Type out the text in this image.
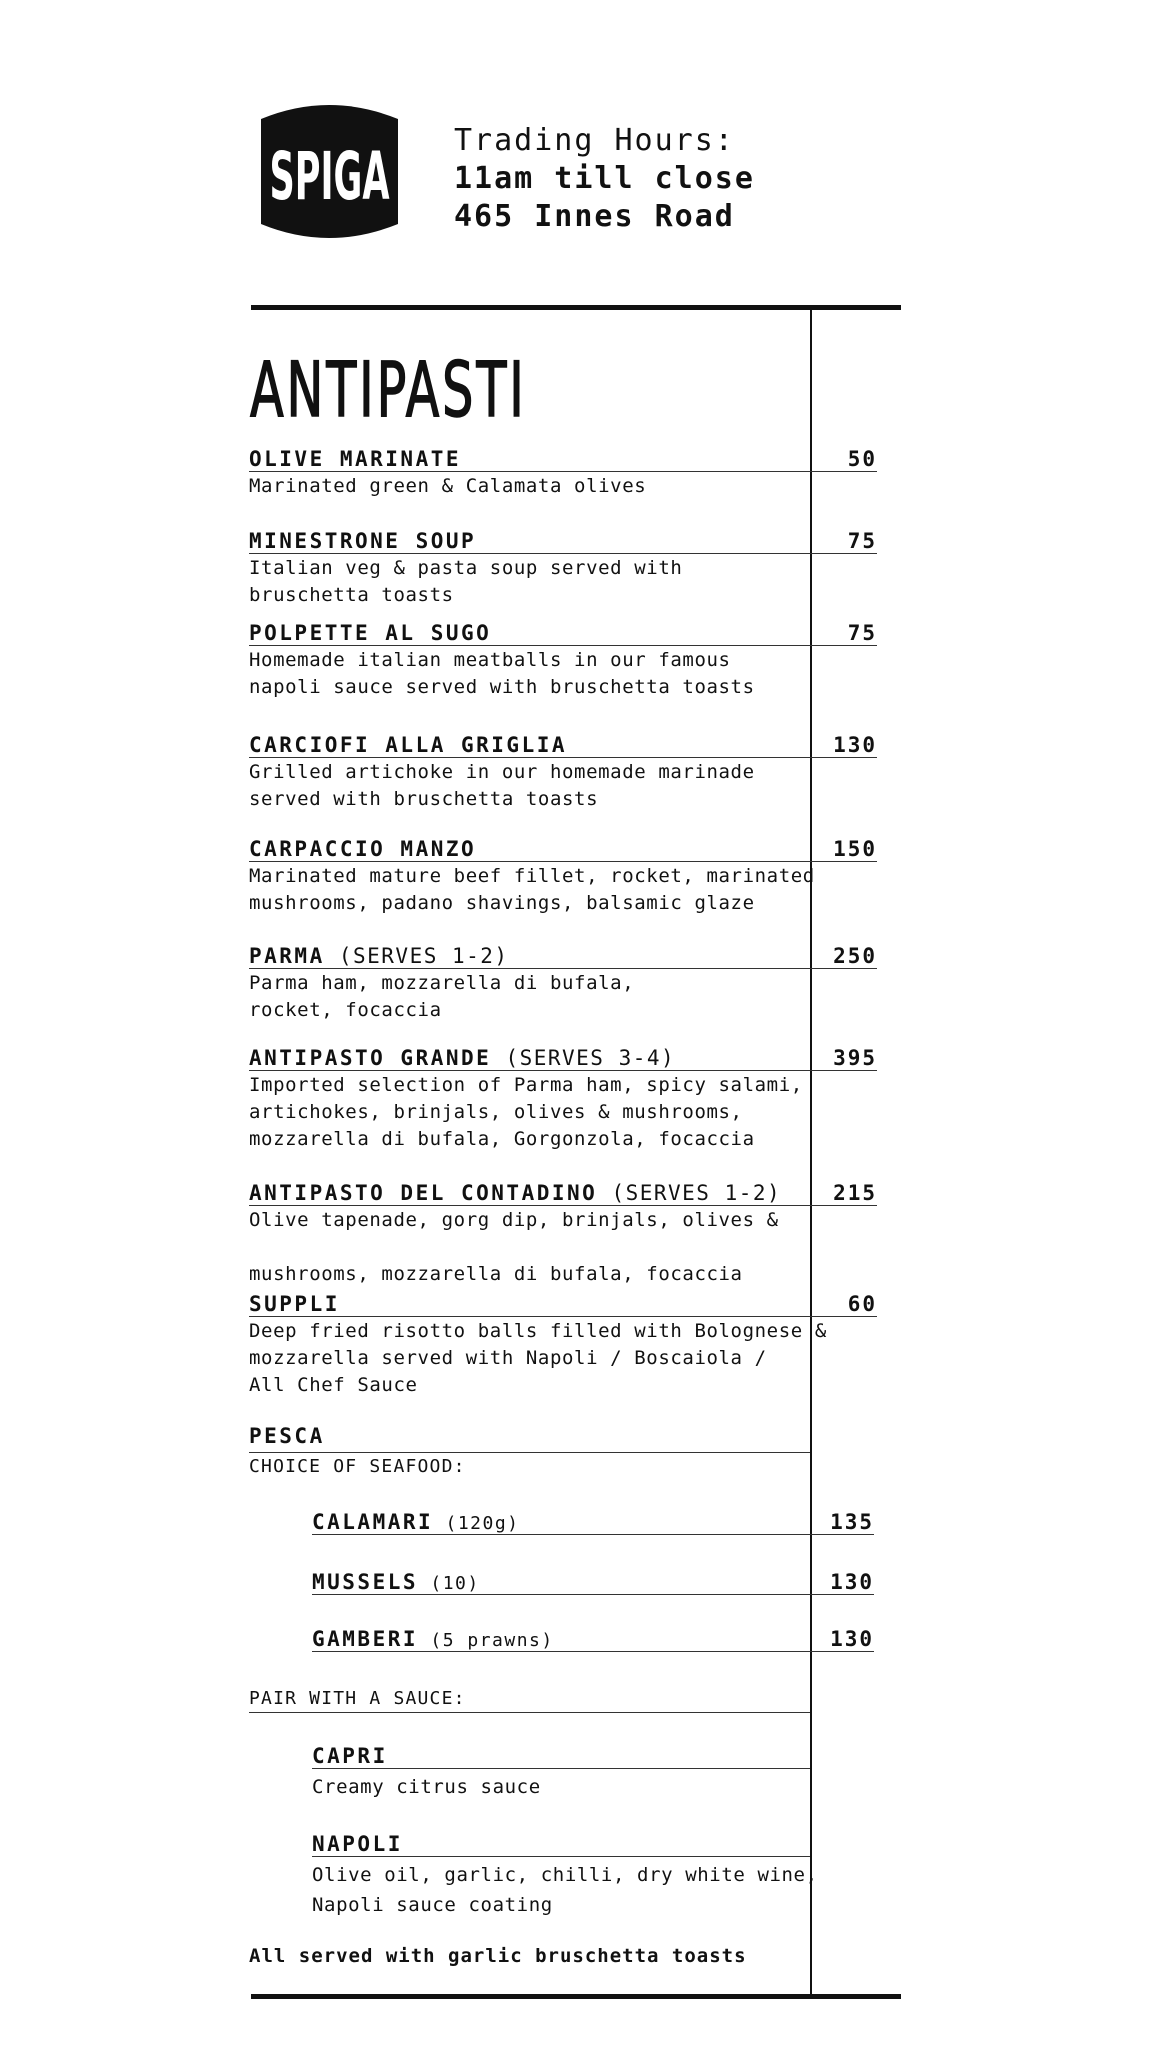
SPIGA Trading Hours:
11am till close
465 Innes Road
ANTIPASTI
OLIVE MARINATE	50
Marinated green & Calamata olives
MINESTRONE SOUP	75
Italian veg & pasta soup served with
bruschetta toasts
POLPETTE AL SUGO	75
Homemade italian meatballs in our famous
napoli sauce served with bruschetta toasts
CARCIOFI ALLA GRIGLIA	130
Grilled artichoke in our homemade marinade
served with bruschetta toasts
CARPACCIO MANZO	150
Marinated mature beef fillet, rocket, marinated
mushrooms, padano shavings, balsamic glaze
PARMA (SERVES 1-2)	250
Parma ham, mozzarella di bufala,
rocket, focaccia
ANTIPASTO GRANDE (SERVES 3-4)	395
Imported selection of Parma ham, spicy salami,
artichokes, brinjals, olives & mushrooms,
mozzarella di bufala, Gorgonzola, focaccia
ANTIPASTO DEL CONTADINO (SERVES 1-2)	215
Olive tapenade, gorg dip, brinjals, olives &

mushrooms, mozzarella di bufala, focaccia
SUPPLI	60
Deep fried risotto balls filled with Bolognese &
mozzarella served with Napoli / Boscaiola /
All Chef Sauce
PESCA
CHOICE OF SEAFOOD:
CALAMARI (120g)	135
MUSSELS (10)	130
GAMBERI (5 prawns)	130
PAIR WITH A SAUCE:
CAPRI
Creamy citrus sauce
NAPOLI
Olive oil, garlic, chilli, dry white wine,
Napoli sauce coating
All served with garlic bruschetta toasts
